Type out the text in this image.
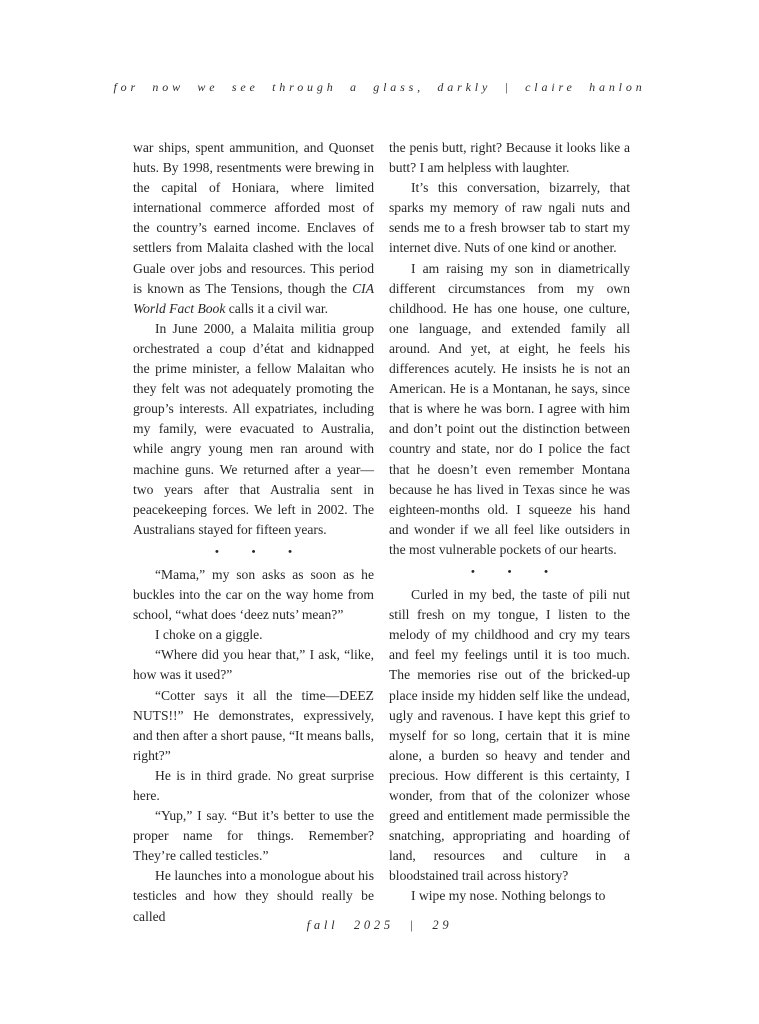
for now we see through a glass, darkly | claire hanlon
war ships, spent ammunition, and Quonset huts. By 1998, resentments were brewing in the capital of Honiara, where limited international commerce afforded most of the country’s earned income. Enclaves of settlers from Malaita clashed with the local Guale over jobs and resources. This period is known as The Tensions, though the CIA World Fact Book calls it a civil war.
In June 2000, a Malaita militia group orchestrated a coup d’état and kidnapped the prime minister, a fellow Malaitan who they felt was not adequately promoting the group’s interests. All expatriates, including my family, were evacuated to Australia, while angry young men ran around with machine guns. We returned after a year—two years after that Australia sent in peacekeeping forces. We left in 2002. The Australians stayed for fifteen years.
• • •
“Mama,” my son asks as soon as he buckles into the car on the way home from school, “what does ‘deez nuts’ mean?”
I choke on a giggle.
“Where did you hear that,” I ask, “like, how was it used?”
“Cotter says it all the time—DEEZ NUTS!!” He demonstrates, expressively, and then after a short pause, “It means balls, right?”
He is in third grade. No great surprise here.
“Yup,” I say. “But it’s better to use the proper name for things. Remember? They’re called testicles.”
He launches into a monologue about his testicles and how they should really be called
the penis butt, right? Because it looks like a butt? I am helpless with laughter.
It’s this conversation, bizarrely, that sparks my memory of raw ngali nuts and sends me to a fresh browser tab to start my internet dive. Nuts of one kind or another.
I am raising my son in diametrically different circumstances from my own childhood. He has one house, one culture, one language, and extended family all around. And yet, at eight, he feels his differences acutely. He insists he is not an American. He is a Montanan, he says, since that is where he was born. I agree with him and don’t point out the distinction between country and state, nor do I police the fact that he doesn’t even remember Montana because he has lived in Texas since he was eighteen-months old. I squeeze his hand and wonder if we all feel like outsiders in the most vulnerable pockets of our hearts.
• • •
Curled in my bed, the taste of pili nut still fresh on my tongue, I listen to the melody of my childhood and cry my tears and feel my feelings until it is too much. The memories rise out of the bricked-up place inside my hidden self like the undead, ugly and ravenous. I have kept this grief to myself for so long, certain that it is mine alone, a burden so heavy and tender and precious. How different is this certainty, I wonder, from that of the colonizer whose greed and entitlement made permissible the snatching, appropriating and hoarding of land, resources and culture in a bloodstained trail across history?
I wipe my nose. Nothing belongs to
fall 2025 | 29
